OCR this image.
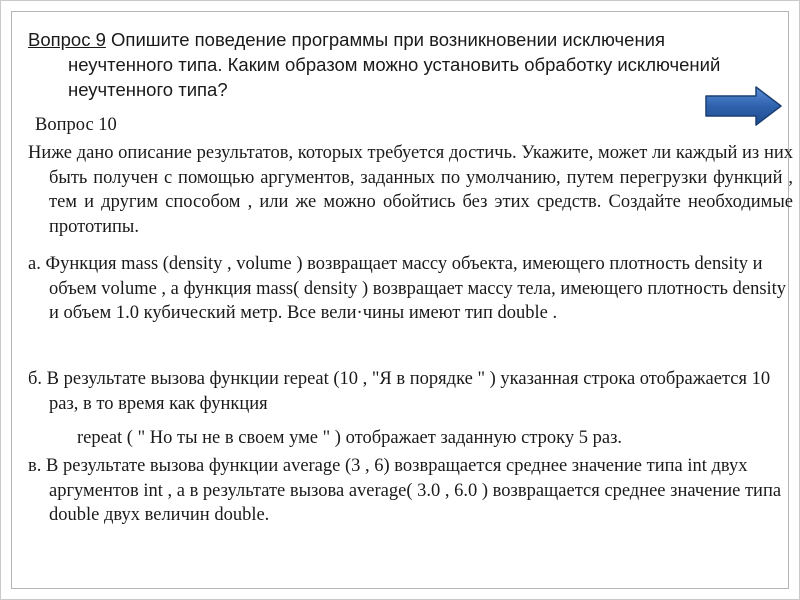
Вопрос 9 Опишите поведение программы при возникновении исключения неучтенного типа. Каким образом можно установить обработку исключений неучтенного типа?
Вопрос 10
Ниже дано описание результатов, которых требуется достичь. Укажите, может ли каждый из них быть получен с помощью аргументов, заданных по умолчанию, путем перегрузки функций , тем и другим способом , или же можно обойтись без этих средств. Создайте необходимые прототипы.
а. Функция mass (density , volume ) возвращает массу объекта, имеющего плотность density и объем volume , а функция mass( density ) возвращает массу тела, имеющего плотность density и объем 1.0 кубический метр. Все вели·чины имеют тип double .
б. В результате вызова функции repeat (10 , "Я в порядке " ) указанная строка отображается 10 раз, в то время как функция
repeat ( " Но ты не в своем уме " ) отображает заданную строку 5 раз.
в. В результате вызова функции average (3 , 6) возвращается среднее значение типа int двух аргументов int , а в результате вызова average( 3.0 , 6.0 ) возвращается среднее значение типа double двух величин double.
